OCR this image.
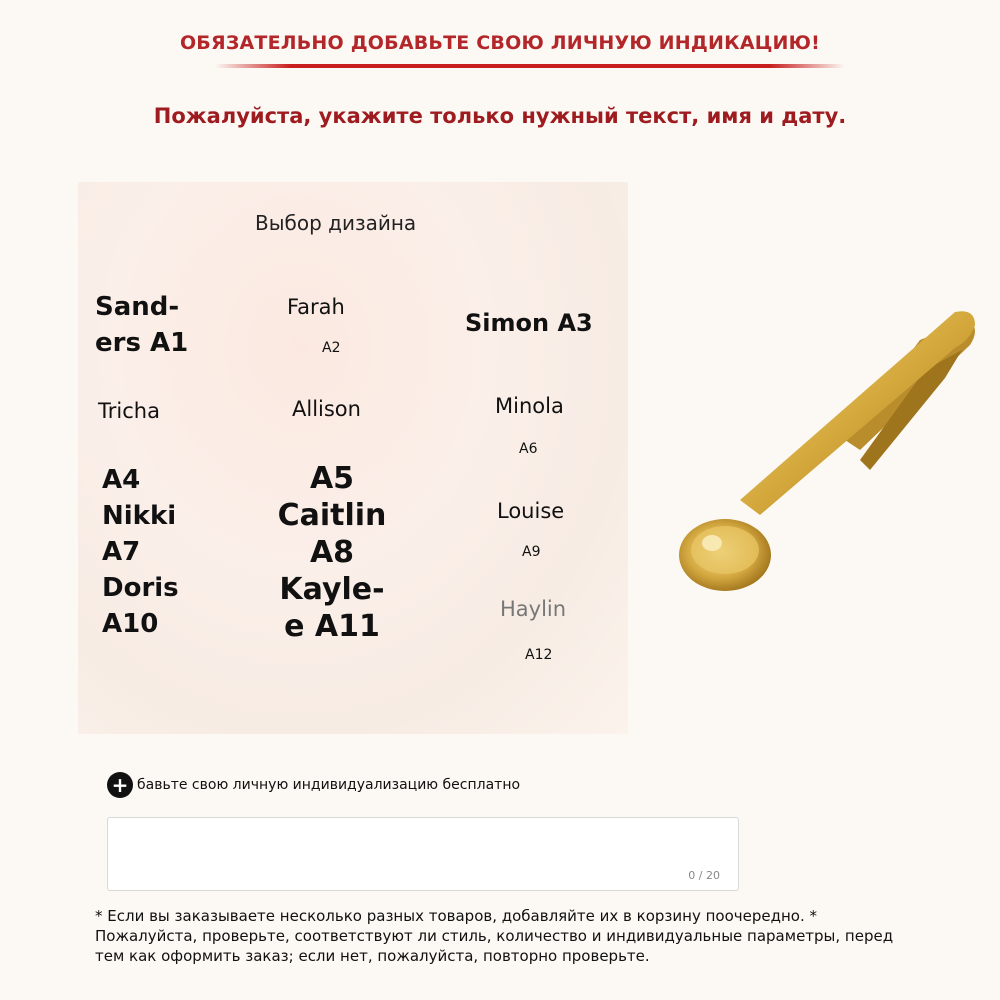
ОБЯЗАТЕЛЬНО ДОБАВЬТЕ СВОЮ ЛИЧНУЮ ИНДИКАЦИЮ!
Пожалуйста, укажите только нужный текст, имя и дату.
Выбор дизайна
Sand-
ers A1
Tricha
A4
Nikki
A7
Doris
A10
Farah
A2
Allison
A5
Caitlin
A8
Kayle-
e A11
Simon A3
Minola
A6
Louise
A9
Haylin
A12
+ бавьте свою личную индивидуализацию бесплатно
0 / 20
* Если вы заказываете несколько разных товаров, добавляйте их в корзину поочередно. * Пожалуйста, проверьте, соответствуют ли стиль, количество и индивидуальные параметры, перед тем как оформить заказ; если нет, пожалуйста, повторно проверьте.
